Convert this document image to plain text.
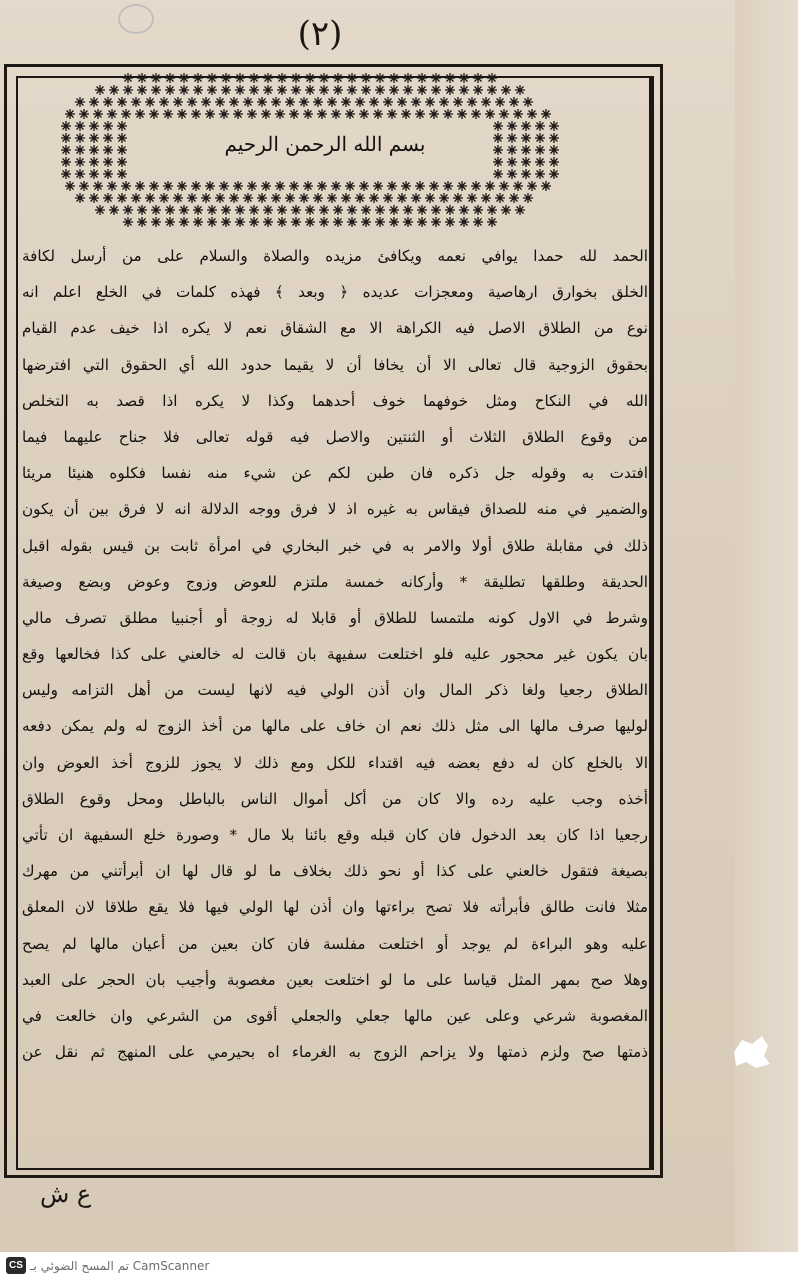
(٢)
بسم الله الرحمن الرحيم
الحمد لله حمدا يوافي نعمه ويكافئ مزيده والصلاة والسلام على من أرسل لكافة
الخلق بخوارق ارهاصية ومعجزات عديده ﴿ وبعد ﴾ فهذه كلمات في الخلع اعلم انه
نوع من الطلاق الاصل فيه الكراهة الا مع الشقاق نعم لا يكره اذا خيف عدم القيام
بحقوق الزوجية قال تعالى الا أن يخافا أن لا يقيما حدود الله أي الحقوق التي افترضها
الله في النكاح ومثل خوفهما خوف أحدهما وكذا لا يكره اذا قصد به التخلص
من وقوع الطلاق الثلاث أو الثنتين والاصل فيه قوله تعالى فلا جناح عليهما فيما
افتدت به وقوله جل ذكره فان طبن لكم عن شيء منه نفسا فكلوه هنيئا مريئا
والضمير في منه للصداق فيقاس به غيره اذ لا فرق ووجه الدلالة انه لا فرق بين أن يكون
ذلك في مقابلة طلاق أولا والامر به في خبر البخاري في امرأة ثابت بن قيس بقوله اقبل
الحديقة وطلقها تطليقة * وأركانه خمسة ملتزم للعوض وزوج وعوض وبضع وصيغة
وشرط في الاول كونه ملتمسا للطلاق أو قابلا له زوجة أو أجنبيا مطلق تصرف مالي
بان يكون غير محجور عليه فلو اختلعت سفيهة بان قالت له خالعني على كذا فخالعها وقع
الطلاق رجعيا ولغا ذكر المال وان أذن الولي فيه لانها ليست من أهل التزامه وليس
لوليها صرف مالها الى مثل ذلك نعم ان خاف على مالها من أخذ الزوج له ولم يمكن دفعه
الا بالخلع كان له دفع بعضه فيه اقتداء للكل ومع ذلك لا يجوز للزوج أخذ العوض وان
أخذه وجب عليه رده والا كان من أكل أموال الناس بالباطل ومحل وقوع الطلاق
رجعيا اذا كان بعد الدخول فان كان قبله وقع بائنا بلا مال * وصورة خلع السفيهة ان تأتي
بصيغة فتقول خالعني على كذا أو نحو ذلك بخلاف ما لو قال لها ان أبرأتني من مهرك
مثلا فانت طالق فأبرأته فلا تصح براءتها وان أذن لها الولي فيها فلا يقع طلاقا لان المعلق
عليه وهو البراءة لم يوجد أو اختلعت مفلسة فان كان بعين من أعيان مالها لم يصح
وهلا صح بمهر المثل قياسا على ما لو اختلعت بعين مغصوبة وأجيب بان الحجر على العبد
المغصوبة شرعي وعلى عين مالها جعلي والجعلي أقوى من الشرعي وان خالعت في
ذمتها صح ولزم ذمتها ولا يزاحم الزوج به الغرماء اه بحيرمي على المنهج ثم نقل عن
ع ش
CS تم المسح الضوئي بـ CamScanner
